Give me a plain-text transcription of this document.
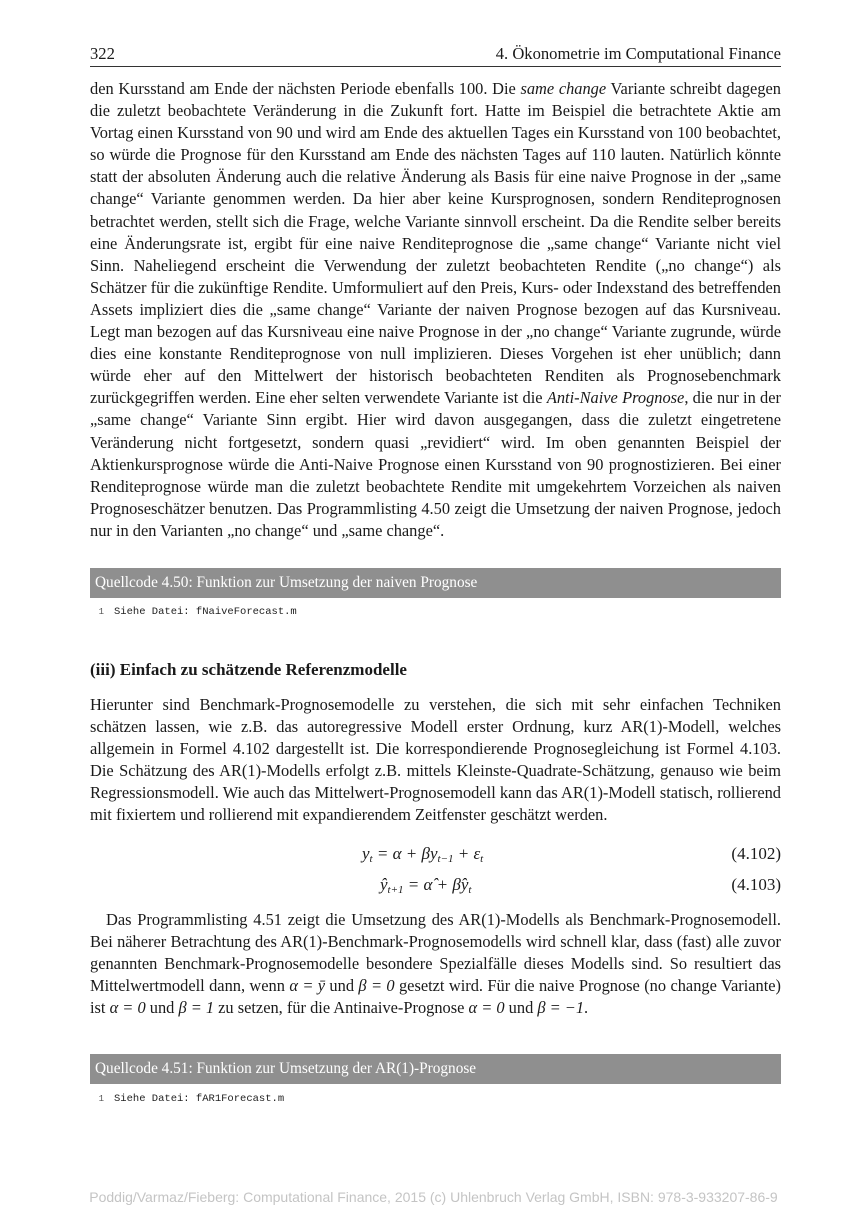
322	4. Ökonometrie im Computational Finance
den Kursstand am Ende der nächsten Periode ebenfalls 100. Die same change Variante schreibt dagegen die zuletzt beobachtete Veränderung in die Zukunft fort. Hatte im Beispiel die betrachtete Aktie am Vortag einen Kursstand von 90 und wird am Ende des aktuellen Tages ein Kursstand von 100 beobachtet, so würde die Prognose für den Kursstand am Ende des nächsten Tages auf 110 lauten. Natürlich könnte statt der absoluten Änderung auch die relative Änderung als Basis für eine naive Prognose in der „same change“ Variante genommen werden. Da hier aber keine Kursprognosen, sondern Renditeprognosen betrachtet werden, stellt sich die Frage, welche Variante sinnvoll erscheint. Da die Rendite selber bereits eine Änderungsrate ist, ergibt für eine naive Renditeprognose die „same change“ Variante nicht viel Sinn. Naheliegend erscheint die Verwendung der zuletzt beobachteten Rendite („no change“) als Schätzer für die zukünftige Rendite. Umformuliert auf den Preis, Kurs- oder Indexstand des betreffenden Assets impliziert dies die „same change“ Variante der naiven Prognose bezogen auf das Kursniveau. Legt man bezogen auf das Kursniveau eine naive Prognose in der „no change“ Variante zugrunde, würde dies eine konstante Renditeprognose von null implizieren. Dieses Vorgehen ist eher unüblich; dann würde eher auf den Mittelwert der historisch beobachteten Renditen als Prognosebenchmark zurückgegriffen werden. Eine eher selten verwendete Variante ist die Anti-Naive Prognose, die nur in der „same change“ Variante Sinn ergibt. Hier wird davon ausgegangen, dass die zuletzt eingetretene Veränderung nicht fortgesetzt, sondern quasi „revidiert“ wird. Im oben genannten Beispiel der Aktienkursprognose würde die Anti-Naive Prognose einen Kursstand von 90 prognostizieren. Bei einer Renditeprognose würde man die zuletzt beobachtete Rendite mit umgekehrtem Vorzeichen als naiven Prognoseschätzer benutzen. Das Programmlisting 4.50 zeigt die Umsetzung der naiven Prognose, jedoch nur in den Varianten „no change“ und „same change“.
Quellcode 4.50: Funktion zur Umsetzung der naiven Prognose
1 Siehe Datei: fNaiveForecast.m
(iii) Einfach zu schätzende Referenzmodelle
Hierunter sind Benchmark-Prognosemodelle zu verstehen, die sich mit sehr einfachen Techniken schätzen lassen, wie z.B. das autoregressive Modell erster Ordnung, kurz AR(1)-Modell, welches allgemein in Formel 4.102 dargestellt ist. Die korrespondierende Prognosegleichung ist Formel 4.103. Die Schätzung des AR(1)-Modells erfolgt z.B. mittels Kleinste-Quadrate-Schätzung, genauso wie beim Regressionsmodell. Wie auch das Mittelwert-Prognosemodell kann das AR(1)-Modell statisch, rollierend mit fixiertem und rollierend mit expandierendem Zeitfenster geschätzt werden.
$y_t = \alpha + \beta y_{t-1} + \varepsilon_t$	(4.102)
$ŷ_{t+1}$ = α̂ + $\betây_t$	(4.103)
Das Programmlisting 4.51 zeigt die Umsetzung des AR(1)-Modells als Benchmark-Prognosemodell. Bei näherer Betrachtung des AR(1)-Benchmark-Prognosemodells wird schnell klar, dass (fast) alle zuvor genannten Benchmark-Prognosemodelle besondere Spezialfälle dieses Modells sind. So resultiert das Mittelwertmodell dann, wenn α = ȳ und β = 0 gesetzt wird. Für die naive Prognose (no change Variante) ist α = 0 und β = 1 zu setzen, für die Antinaive-Prognose α = 0 und β = −1.
Quellcode 4.51: Funktion zur Umsetzung der AR(1)-Prognose
1 Siehe Datei: fAR1Forecast.m
Poddig/Varmaz/Fieberg: Computational Finance, 2015 (c) Uhlenbruch Verlag GmbH, ISBN: 978-3-933207-86-9
